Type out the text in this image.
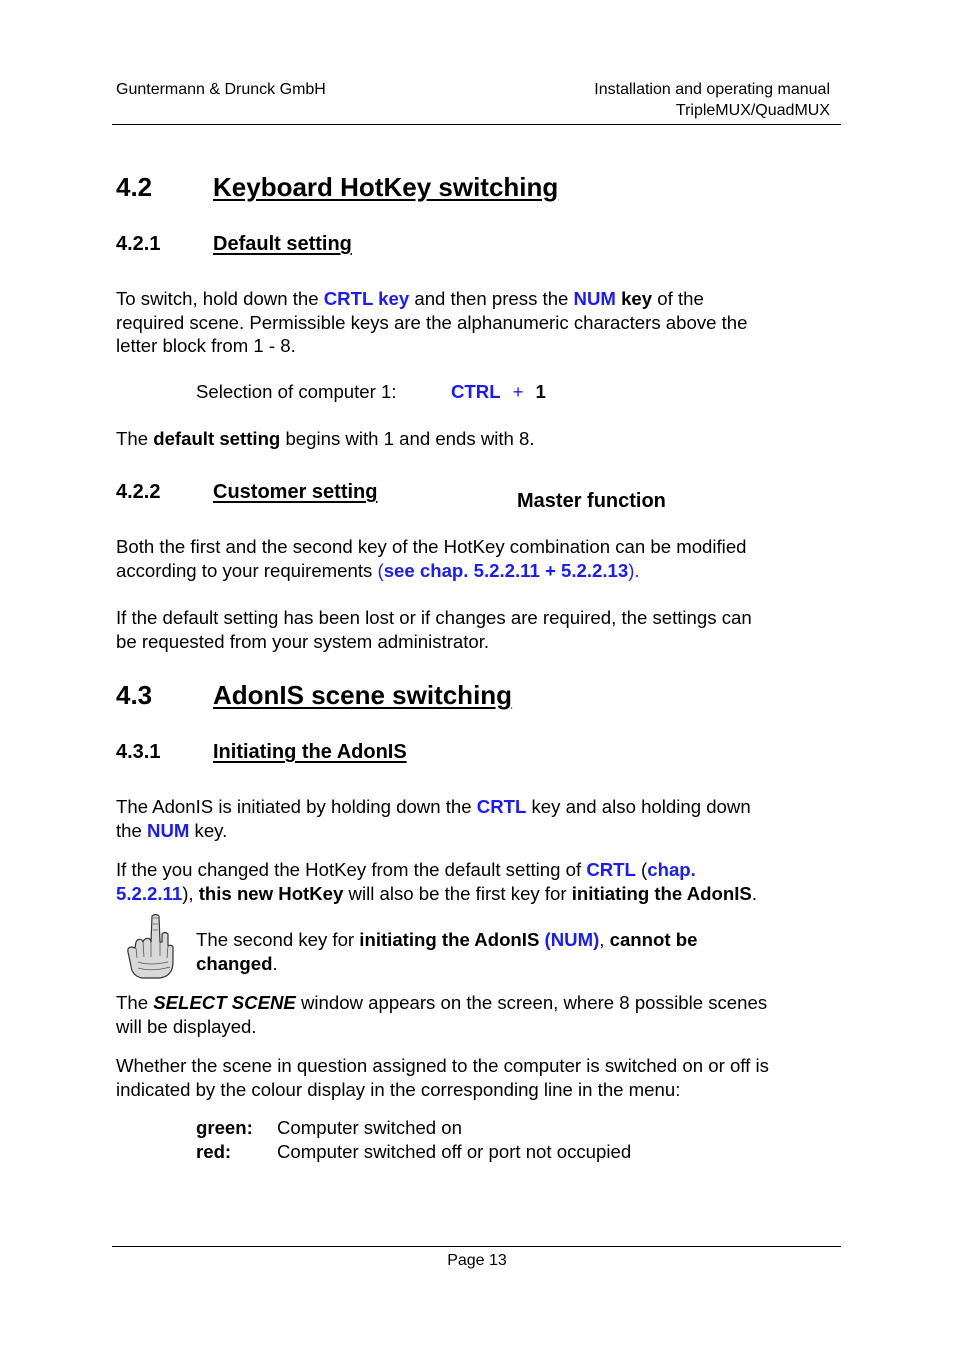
Guntermann & Drunck GmbH	Installation and operating manual
TripleMUX/QuadMUX
4.2 Keyboard HotKey switching
4.2.1	Default setting
To switch, hold down the CRTL key and then press the NUM key of the
required scene. Permissible keys are the alphanumeric characters above the
letter block from 1 - 8.
Selection of computer 1:	CTRL + 1
The default setting begins with 1 and ends with 8.
4.2.2	Customer setting	Master function
Both the first and the second key of the HotKey combination can be modified
according to your requirements (see chap. 5.2.2.11 + 5.2.2.13).
If the default setting has been lost or if changes are required, the settings can
be requested from your system administrator.
4.3 AdonIS scene switching
4.3.1	Initiating the AdonIS
The AdonIS is initiated by holding down the CRTL key and also holding down
the NUM key.
If the you changed the HotKey from the default setting of CRTL (chap.
5.2.2.11), this new HotKey will also be the first key for initiating the AdonIS.
The second key for initiating the AdonIS (NUM), cannot be
changed.
The SELECT SCENE window appears on the screen, where 8 possible scenes
will be displayed.
Whether the scene in question assigned to the computer is switched on or off is
indicated by the colour display in the corresponding line in the menu:
green:	Computer switched on
red:	Computer switched off or port not occupied
Page 13
